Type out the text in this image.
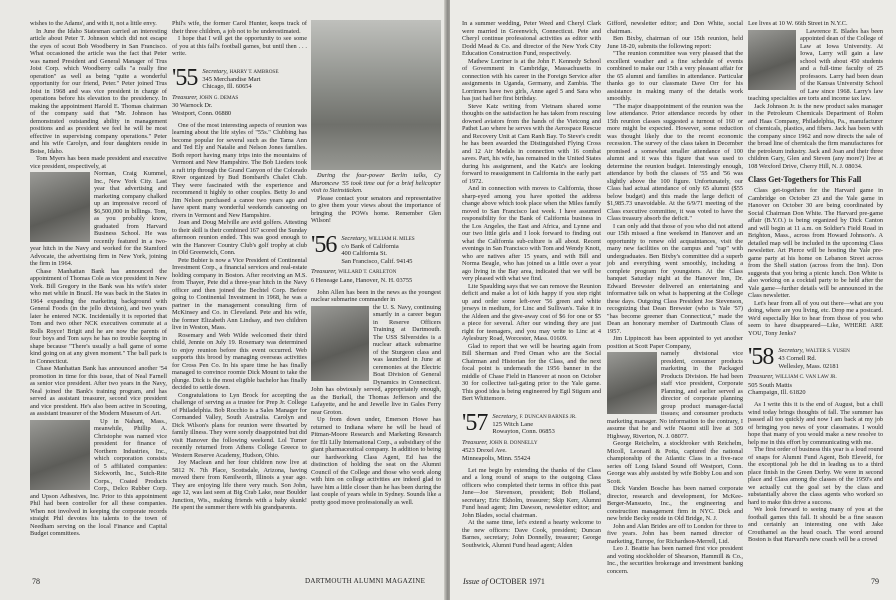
wishes to the Adams', and with it, not a little envy.

In June the Idaho Statesman carried an interesting article about Peter T. Johnson which did not escape the eyes of scout Bob Woodberry in San Francisco. What occasioned the article was the fact that Peter was named President and General Manager of Trus Joist Corp. which Woodberry calls "a really fine operation" as well as being "quite a wonderful opportunity for our friend, Peter." Peter joined Trus Joist in 1968 and was vice president in charge of operations before his elevation to the presidency. In making the appointment Harold E. Thomas chairman of the company said that "Mr. Johnson has demonstrated outstanding ability in management positions and as president we feel he will be most effective in supervising company operations." Peter and his wife Carolyn, and four daughters reside in Boise, Idaho.

Tom Myers has been made president and executive vice president, respectively, at

Norman, Craig Kummel, Inc., New York City. Last year that advertising and marketing company chalked up an impressive record of $6,500,000 in billings. Tom, as you probably know, graduated from Harvard Business School. He was recently featured in a two-year hitch in the Navy and worked for the Stamford Advocate, the advertising firm in New York, joining the firm in 1964.

Chase Manhattan Bank has announced the appointment of Thomas Cole as vice president in New York. Bill Gregory in the Bank was his wife's sister who met while in Brazil. He was back in the States in 1964 expanding the marketing background with General Foods (in the jello division), and two years later he entered NCK. Incidentally it is reported that Tom and two other NCK executives commute at a Rolls Royce! Brigit and he are now the parents of four boys and Tom says he has no trouble keeping in shape because "There's usually a ball game of some kind going on at any given moment." The ball park is in Connecticut.

Chase Manhattan Bank has announced another '54 promotion in time for this issue, that of Neal Farnell as senior vice president. After two years in the Navy, Neal joined the Bank's training program, and has served as assistant treasurer, second vice president and vice president. He's also been active in Scouting, as assistant treasurer of the Modern Museum of Art.

Up in Nahant, Mass., meanwhile, Phillip A. Christophe was named vice president for finance of Northern Industries, Inc., which corporation consists of 5 affiliated companies: Sickworth, Inc., Sutch-Rite Corps., Coated Products Corp., Delco Rubber Corp. and Upson Adhesives, Inc. Prior to this appointment Phil had been controller for all these companies. When not involved in keeping the corporate records straight Phil devotes his talents to the town of Needham serving on the local Finance and Capital Budget committees.

Phil's wife, the former Carol Hunter, keeps track of their three children, a job not to be underestimated.

I hope that I will get the opportunity to see some of you at this fall's football games, but until then . . . write.

'55 Secretary, HARRY T. AMBROSE
345 Merchandise Mart
Chicago, Ill. 60654
Treasurer, JOHN G. DEMAS
30 Warnock Dr.
Westport, Conn. 06880

One of the most interesting aspects of reunion was learning about the life styles of "55s." Clubbing has become popular for several such as the Tama Ann and Ted Ely and Natalie and Nelson Jones families. Both report having many trips into the mountains of Vermont and New Hampshire. The Bob Lieders took a raft trip through the Grand Canyon of the Colorado River organized by Bud Bombard's Chalet Club. They were fascinated with the experience and recommend it highly to other couples. Betty Jo and Jim Nelson purchased a canoe two years ago and have spent many wonderful weekends canoeing on rivers in Vermont and New Hampshire.

Joan and Doug Melville are avid golfers. Attesting to their skill is their combined 167 scored the Sunday afternoon reunion ended. This was good enough to win the Hanover Country Club's golf trophy at club in Old Greenwich, Conn.

Pete Bubier is now a Vice President of Continental Investment Corp., a financial services and real-estate holding company in Boston. After receiving an M.S. from Thayer, Pete did a three-year hitch in the Navy officer and then joined the Bechtel Corp. Before going to Continental Investment in 1968, he was a partner in the management consulting firm of McKinsey and Co. in Cleveland. Pete and his wife, the former Elizabeth Ann Lindsay, and two children live in Weston, Mass.

Rosemary and Web Wilde welcomed their third child, Jennie on July 19. Rosemary was determined to enjoy reunion before this event occurred. Web supports this brood by managing overseas activities for Cross Pen Co. In his spare time he has finally managed to convince roomie Dick Mount to take the plunge. Dick is the most eligible bachelor has finally decided to settle down.

Congratulations to Lyn Brock for accepting the challenge of serving as a trustee for Prep Jr. College of Philadelphia. Bob Rocchio is a Sales Manager for Cormanded Valley, South Australia. Carolyn and Dick Wilson's plans for reunion were thwarted by family illness. They were sorely disappointed but did visit Hanover the following weekend. Lol Turner recently returned from Athens College Greece to Western Reserve Academy, Hudson, Ohio.

Joy Maclean and her four children now live at 5812 N. 7th Place, Scottsdale, Arizona, having moved there from Kenilworth, Illinois a year ago. They are enjoying life there very much. Son John, age 12, was last seen at Big Crab Lake, near Boulder Junction, Wis., making friends with a baby skunk! He spent the summer there with his grandparents.

During the four-power Berlin talks, Cy Muromcew '55 took time out for a brief helicopter visit to Steinstücken.

Please contact your senators and representative to give them your views about the importance of bringing the POWs home. Remember Glen Wilson!

'56 Secretary, WILLIAM H. MILES
c/o Bank of California
400 California St.
San Francisco, Calif. 94145
Treasurer, WILLARD T. CARLETON
6 Heneage Lane, Hanover, N. H. 03755

John Allen has been in the news as the youngest nuclear submarine commander in

the U. S. Navy, continuing smartly in a career begun in Reserve Officers Training at Dartmouth. The USS Silversides is a nuclear attack submarine of the Sturgeon class and was launched in June at ceremonies at the Electric Boat Division of General Dynamics in Connecticut. John has obviously served, appropriately enough, as the Burkall, the Thomas Jefferson and the Lafayette, and he and Jewelle live in Gales Ferry near Groton.

Up from down under, Emerson Howe has returned to Indiana where he will be head of Pitman-Moore Research and Marketing Research for Eli Lilly International Corp., a subsidiary of the giant pharmaceutical company. In addition to being our hardworking Class Agent, Ed has the distinction of holding the seat on the Alumni Council of the College and those who work along with him on college activities are indeed glad to have him a little closer than he has been during the last couple of years while in Sydney. Sounds like a pretty good move professionally as well.

78	DARTMOUTH ALUMNI MAGAZINE

In a summer wedding, Peter Weed and Cheryl Clark were married in Greenwich, Connecticut. Pete and Cheryl continue professional activities as editor with Dodd Mead & Co. and director of the New York City Education Construction Fund, respectively.

Mathew Lorriner is at the John F. Kennedy School of Government in Cambridge, Massachusetts in connection with his career in the Foreign Service after assignments in Uganda, Germany, and Zambia. The Lorrimers have two girls, Anne aged 5 and Sara who has just had her first birthday.

Steve Katz writing from Vietnam shared some thoughts on the satisfaction he has taken from rescuing downed aviators from the hands of the Vietcong and Pathet Lao where he serves with the Aerospace Rescue and Recovery Unit at Cam Ranh Bay. To Steve's credit he has been awarded the Distinguished Flying Cross and 12 Air Medals in connection with 16 combat saves. Part, his wife, has remained in the United States during his assignment, and the Katz's are looking forward to reassignment in California in the early part of 1972.

And in connection with moves to California, those sharp-eyed among you have spotted the address change above which took place when the Miles family moved to San Francisco last week. I have assumed responsibility for the Bank of California business in the Los Angeles, the East and Africa, and Lynne and our two little girls and I look forward to finding out what the California sub-culture is all about. Recent evenings in San Francisco with Tom and Wendy Knott, who are natives after 15 years, and with Bill and Norma Beagle, who has joined us a little over a year ago living in the Bay area, indicated that we will be very pleased with what we find.

Lite Spaulding says that we can remove the Reunion deficit and make a lot of kids happy if you step right up and order some left-over '56 green and white jerseys in medium, for Linc and Sullivan's. Take it in the Aldeen and the give-away cost of $6 for one or $5 a piece for several. After our winding they are just right for teenagers, and you may write to Linc at 4 Aylesbury Road, Worcester, Mass. 01609.

Glad to report that we will be hearing again from Bill Sherman and Fred Oman who are the Social Chairman and Historian for the Class, and the next focal point is underneath the 1956 banner in the middle of Chase Field in Hanover at noon on October 30 for collective tail-gating prior to the Yale game. This good idea is being engineered by Egil Stigum and Bert Whittemore.

'57 Secretary, F. DUNCAN BARNES JR.
125 Witch Lane
Rowayton, Conn. 06853
Treasurer, JOHN B. DONNELLY
4523 Drexel Ave.
Minneapolis, Minn. 55424

Let me begin by extending the thanks of the Class and a long round of snaps to the outgoing Class officers who completed their terms in office this past June—Joe Stevenson, president; Bob Holland, secretary; Eric Ekholm, treasurer; Skip Kerr, Alumni Fund head agent; Jim Dawson, newsletter editor; and John Blades, social chairman.

At the same time, let's extend a hearty welcome to the new officers: Dave Cook, president; Duncan Barnes, secretary; John Donnelly, treasurer; George Southwick, Alumni Fund head agent; Alden

Gifford, newsletter editor; and Don White, social chairman.

Ben Bixby, chairman of our 15th reunion, held June 18-20, submits the following report:

"The reunion committee was very pleased that the excellent weather and a fine schedule of events combined to make our 15th a very pleasant affair for the 65 alumni and families in attendance. Particular thanks go to our classmate Dave Orr for his assistance in making many of the details work smoothly.

"The major disappointment of the reunion was the low attendance. Prior attendance records by other 15th reunion classes suggested a turnout of 160 or more might be expected. However, some reduction was thought likely due to the recent economic recession. The survey of the class taken in December promised a somewhat smaller attendance of 100 alumni and it was this figure that was used to determine the reunion budget. Interestingly enough, attendance by both the classes of '55 and '56 was slightly above the 100 figure. Unfortunately, our Class had actual attendance of only 65 alumni ($55 below budget) and this made the large deficit of $1,985.73 unavoidable. At the 6/9/71 meeting of the Class executive committee, it was voted to have the Class treasury absorb the deficit."

I can only add that those of you who did not attend our 15th missed a fine weekend in Hanover and an opportunity to renew old acquaintances, visit the many new facilities on the campus and "rap" with undergraduates. Ben Bixby's committee did a superb job and everything went smoothly, including a complete program for youngsters. At the Class banquet Saturday night at the Hanover Inn, Dr. Edward Brewster delivered an entertaining and informative talk on what is happening at the College these days. Outgoing Class President Joe Stevenson, recognizing that Dean Brewster (who is Yale '57) "has become greener than Connecticut," made the Dean an honorary member of Dartmouth Class of 1957.

Jim Lippincott has been appointed to yet another position at Scott Paper Company,

namely divisional vice president, consumer products marketing in the Packaged Products Division. He had been staff vice president, Corporate Planning, and earlier served as director of corporate planning group product manager-facial tissues; and consumer products marketing manager. No information to the contrary, I assume that he and wife Naomi still live at 309 Highway, Riverton, N. J. 08077.

George Reichelm, a stockbroker with Reichelm, Micoll, Leonard & Potta, captured the national championship of the Atlantic Class in a five-race series off Long Island Sound off Westport, Conn. George was ably assisted by wife Bobby Lou and son Scott.

Dick Vanden Bosche has been named corporate director, research and development, for McKee-Berger-Mansueto, Inc., the engineering and construction management firm in NYC. Dick and new bride Becky reside in Old Bridge, N. J.

John and Alan Brides are off to London for three to five years. John has been named director of marketing, Europe, for Richardson-Merrell, Ltd.

Leo J. Beattie has been named first vice president and voting stockholder of Shearson, Hammill & Co., Inc., the securities brokerage and investment banking concern.

Lee lives at 10 W. 66th Street in N.Y.C.

Lawrence E. Blades has been appointed dean of the College of Law at Iowa University. At Iowa, Larry will gain a law school with about 450 students and a full-time faculty of 25 professors. Larry had been dean of the Kansas University School of Law since 1968. Larry's law teaching specialties are torts and income tax law.

Jack Johnson Jr. is the new product sales manager in the Petroleum Chemicals Department of Rohm and Haas Company, Philadelphia, Pa., manufacturer of chemicals, plastics, and fibers. Jack has been with the company since 1962 and now directs the sale of the broad line of chemicals the firm manufactures for the petroleum industry. Jack and Joan and their three children Gary, Glen and Steven (any more?) live at 108 Wexford Drive, Cherry Hill, N. J. 08034.

Class Get-Togethers for This Fall

Class get-togethers for the Harvard game in Cambridge on October 23 and the Yale game in Hanover on October 30 are being coordinated by Social Chairman Don White. The Harvard pre-game affair (B.Y.O.) is being organized by Dick Canton and will begin at 11 a.m. on Soldier's Field Road in Brighton, Mass., across from Howard Johnson's. A detailed map will be included in the upcoming Class newsletter. Art Pierce will be hosting the Yale pre-game party at his home on Lebanon Street across from the Shell station (across from the Inn). Don suggests that you bring a picnic lunch. Don White is also working on a cocktail party to be held after the Yale game—further details will be announced in the Class newsletter.

Let's hear from all of you out there—what are you doing, where are you living, etc. Drop me a postcard. We'd especially like to hear from those of you who seem to have disappeared—Like, WHERE ARE YOU, Tony Jenks?

'58 Secretary, WALTER S. YUSEN
43 Cornell Rd.
Wellesley, Mass. 02181
Treasurer, WILLIAM C. VAN LAW JR.
505 South Mattis
Champaign, Ill. 61820

As I write this it is the end of August, but a chill wind today brings thoughts of fall. The summer has passed all too quickly and now I am back at my job of bringing you news of your classmates. I would hope that many of you would make a new resolve to help me in this effort by communicating with me.

The first order of business this year is a loud round of snaps for Alumni Fund Agent, Bob Elevefd, for the exceptional job he did in leading us to a third place finish in the Green Derby. We were in second place and Class among the classes of the 1950's and we actually cut the goal set by the class and substantially above the class agents who worked so hard to make this drive a success.

We look forward to seeing many of you at the football games this fall. It should be a fine season and certainly an interesting one with Jake Crouthamel as the head coach. The word around Boston is that Harvard's new coach will be a crowd

Issue of OCTOBER 1971	79
